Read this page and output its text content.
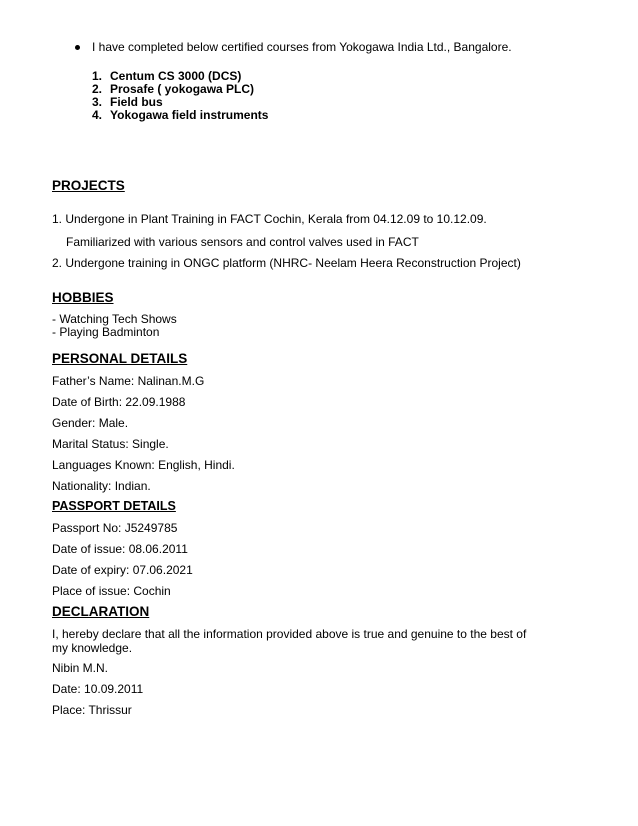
I have completed below certified courses from Yokogawa India Ltd., Bangalore.
1. Centum CS 3000 (DCS)
2. Prosafe ( yokogawa PLC)
3. Field bus
4. Yokogawa field instruments
PROJECTS
1. Undergone in Plant Training in FACT Cochin, Kerala from 04.12.09 to 10.12.09.
Familiarized with various sensors and control valves used in FACT
2. Undergone training in ONGC platform (NHRC- Neelam Heera Reconstruction Project)
HOBBIES
- Watching Tech Shows
- Playing Badminton
PERSONAL DETAILS
Father’s Name: Nalinan.M.G
Date of Birth: 22.09.1988
Gender: Male.
Marital Status: Single.
Languages Known: English, Hindi.
Nationality: Indian.
PASSPORT DETAILS
Passport No: J5249785
Date of issue: 08.06.2011
Date of expiry: 07.06.2021
Place of issue: Cochin
DECLARATION
I, hereby declare that all the information provided above is true and genuine to the best of my knowledge.
Nibin M.N.
Date: 10.09.2011
Place: Thrissur
